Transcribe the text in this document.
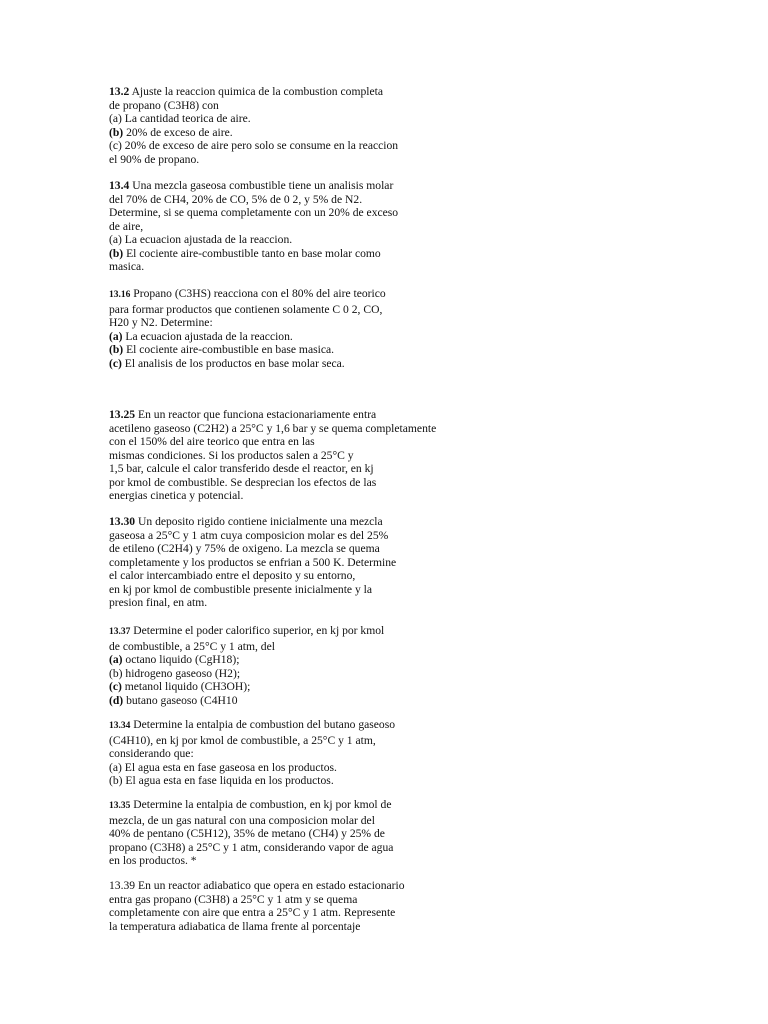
13.2 Ajuste la reaccion quimica de la combustion completa
de propano (C3H8) con
(a) La cantidad teorica de aire.
(b) 20% de exceso de aire.
(c) 20% de exceso de aire pero solo se consume en la reaccion
el 90% de propano.
13.4 Una mezcla gaseosa combustible tiene un analisis molar
del 70% de CH4, 20% de CO, 5% de 0 2, y 5% de N2.
Determine, si se quema completamente con un 20% de exceso
de aire,
(a) La ecuacion ajustada de la reaccion.
(b) El cociente aire-combustible tanto en base molar como
masica.
13.16 Propano (C3HS) reacciona con el 80% del aire teorico
para formar productos que contienen solamente C 0 2, CO,
H20 y N2. Determine:
(a) La ecuacion ajustada de la reaccion.
(b) El cociente aire-combustible en base masica.
(c) El analisis de los productos en base molar seca.
13.25 En un reactor que funciona estacionariamente entra
acetileno gaseoso (C2H2) a 25°C y 1,6 bar y se quema completamente
con el 150% del aire teorico que entra en las
mismas condiciones. Si los productos salen a 25°C y
1,5 bar, calcule el calor transferido desde el reactor, en kj
por kmol de combustible. Se desprecian los efectos de las
energias cinetica y potencial.
13.30 Un deposito rigido contiene inicialmente una mezcla
gaseosa a 25°C y 1 atm cuya composicion molar es del 25%
de etileno (C2H4) y 75% de oxigeno. La mezcla se quema
completamente y los productos se enfrian a 500 K. Determine
el calor intercambiado entre el deposito y su entorno,
en kj por kmol de combustible presente inicialmente y la
presion final, en atm.
13.37 Determine el poder calorifico superior, en kj por kmol
de combustible, a 25°C y 1 atm, del
(a) octano liquido (CgH18);
(b) hidrogeno gaseoso (H2);
(c) metanol liquido (CH3OH);
(d) butano gaseoso (C4H10
13.34 Determine la entalpia de combustion del butano gaseoso
(C4H10), en kj por kmol de combustible, a 25°C y 1 atm,
considerando que:
(a) El agua esta en fase gaseosa en los productos.
(b) El agua esta en fase liquida en los productos.
13.35 Determine la entalpia de combustion, en kj por kmol de
mezcla, de un gas natural con una composicion molar del
40% de pentano (C5H12), 35% de metano (CH4) y 25% de
propano (C3H8) a 25°C y 1 atm, considerando vapor de agua
en los productos. *
13.39 En un reactor adiabatico que opera en estado estacionario
entra gas propano (C3H8) a 25°C y 1 atm y se quema
completamente con aire que entra a 25°C y 1 atm. Represente
la temperatura adiabatica de llama frente al porcentaje
